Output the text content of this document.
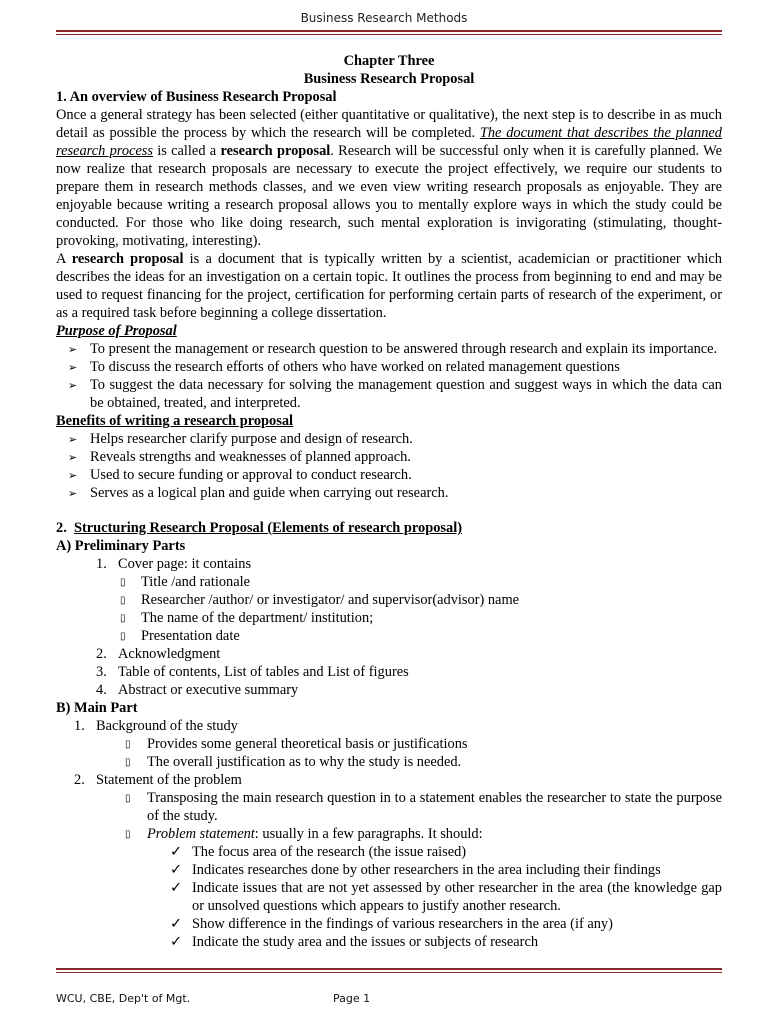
Business Research Methods
Chapter Three
Business Research Proposal
1. An overview of Business Research Proposal

Once a general strategy has been selected (either quantitative or qualitative), the next step is to describe in as much detail as possible the process by which the research will be completed. The document that describes the planned research process is called a research proposal. Research will be successful only when it is carefully planned. We now realize that research proposals are necessary to execute the project effectively, we require our students to prepare them in research methods classes, and we even view writing research proposals as enjoyable. They are enjoyable because writing a research proposal allows you to mentally explore ways in which the study could be conducted. For those who like doing research, such mental exploration is invigorating (stimulating, thought-provoking, motivating, interesting).

A research proposal is a document that is typically written by a scientist, academician or practitioner which describes the ideas for an investigation on a certain topic. It outlines the process from beginning to end and may be used to request financing for the project, certification for performing certain parts of research of the experiment, or as a required task before beginning a college dissertation.

Purpose of Proposal
➢ To present the management or research question to be answered through research and explain its importance.
➢ To discuss the research efforts of others who have worked on related management questions
➢ To suggest the data necessary for solving the management question and suggest ways in which the data can be obtained, treated, and interpreted.
Benefits of writing a research proposal
➢ Helps researcher clarify purpose and design of research.
➢ Reveals strengths and weaknesses of planned approach.
➢ Used to secure funding or approval to conduct research.
➢ Serves as a logical plan and guide when carrying out research.
2. Structuring Research Proposal (Elements of research proposal)
A) Preliminary Parts
1. Cover page: it contains
▯ Title /and rationale
▯ Researcher /author/ or investigator/ and supervisor(advisor) name
▯ The name of the department/ institution;
▯ Presentation date
2. Acknowledgment
3. Table of contents, List of tables and List of figures
4. Abstract or executive summary
B) Main Part
1. Background of the study
▯ Provides some general theoretical basis or justifications
▯ The overall justification as to why the study is needed.
2. Statement of the problem
▯ Transposing the main research question in to a statement enables the researcher to state the purpose of the study.
▯ Problem statement: usually in a few paragraphs. It should:
✓ The focus area of the research (the issue raised)
✓ Indicates researches done by other researchers in the area including their findings
✓ Indicate issues that are not yet assessed by other researcher in the area (the knowledge gap or unsolved questions which appears to justify another research.
✓ Show difference in the findings of various researchers in the area (if any)
✓ Indicate the study area and the issues or subjects of research
WCU, CBE, Dep't of Mgt.	Page 1
